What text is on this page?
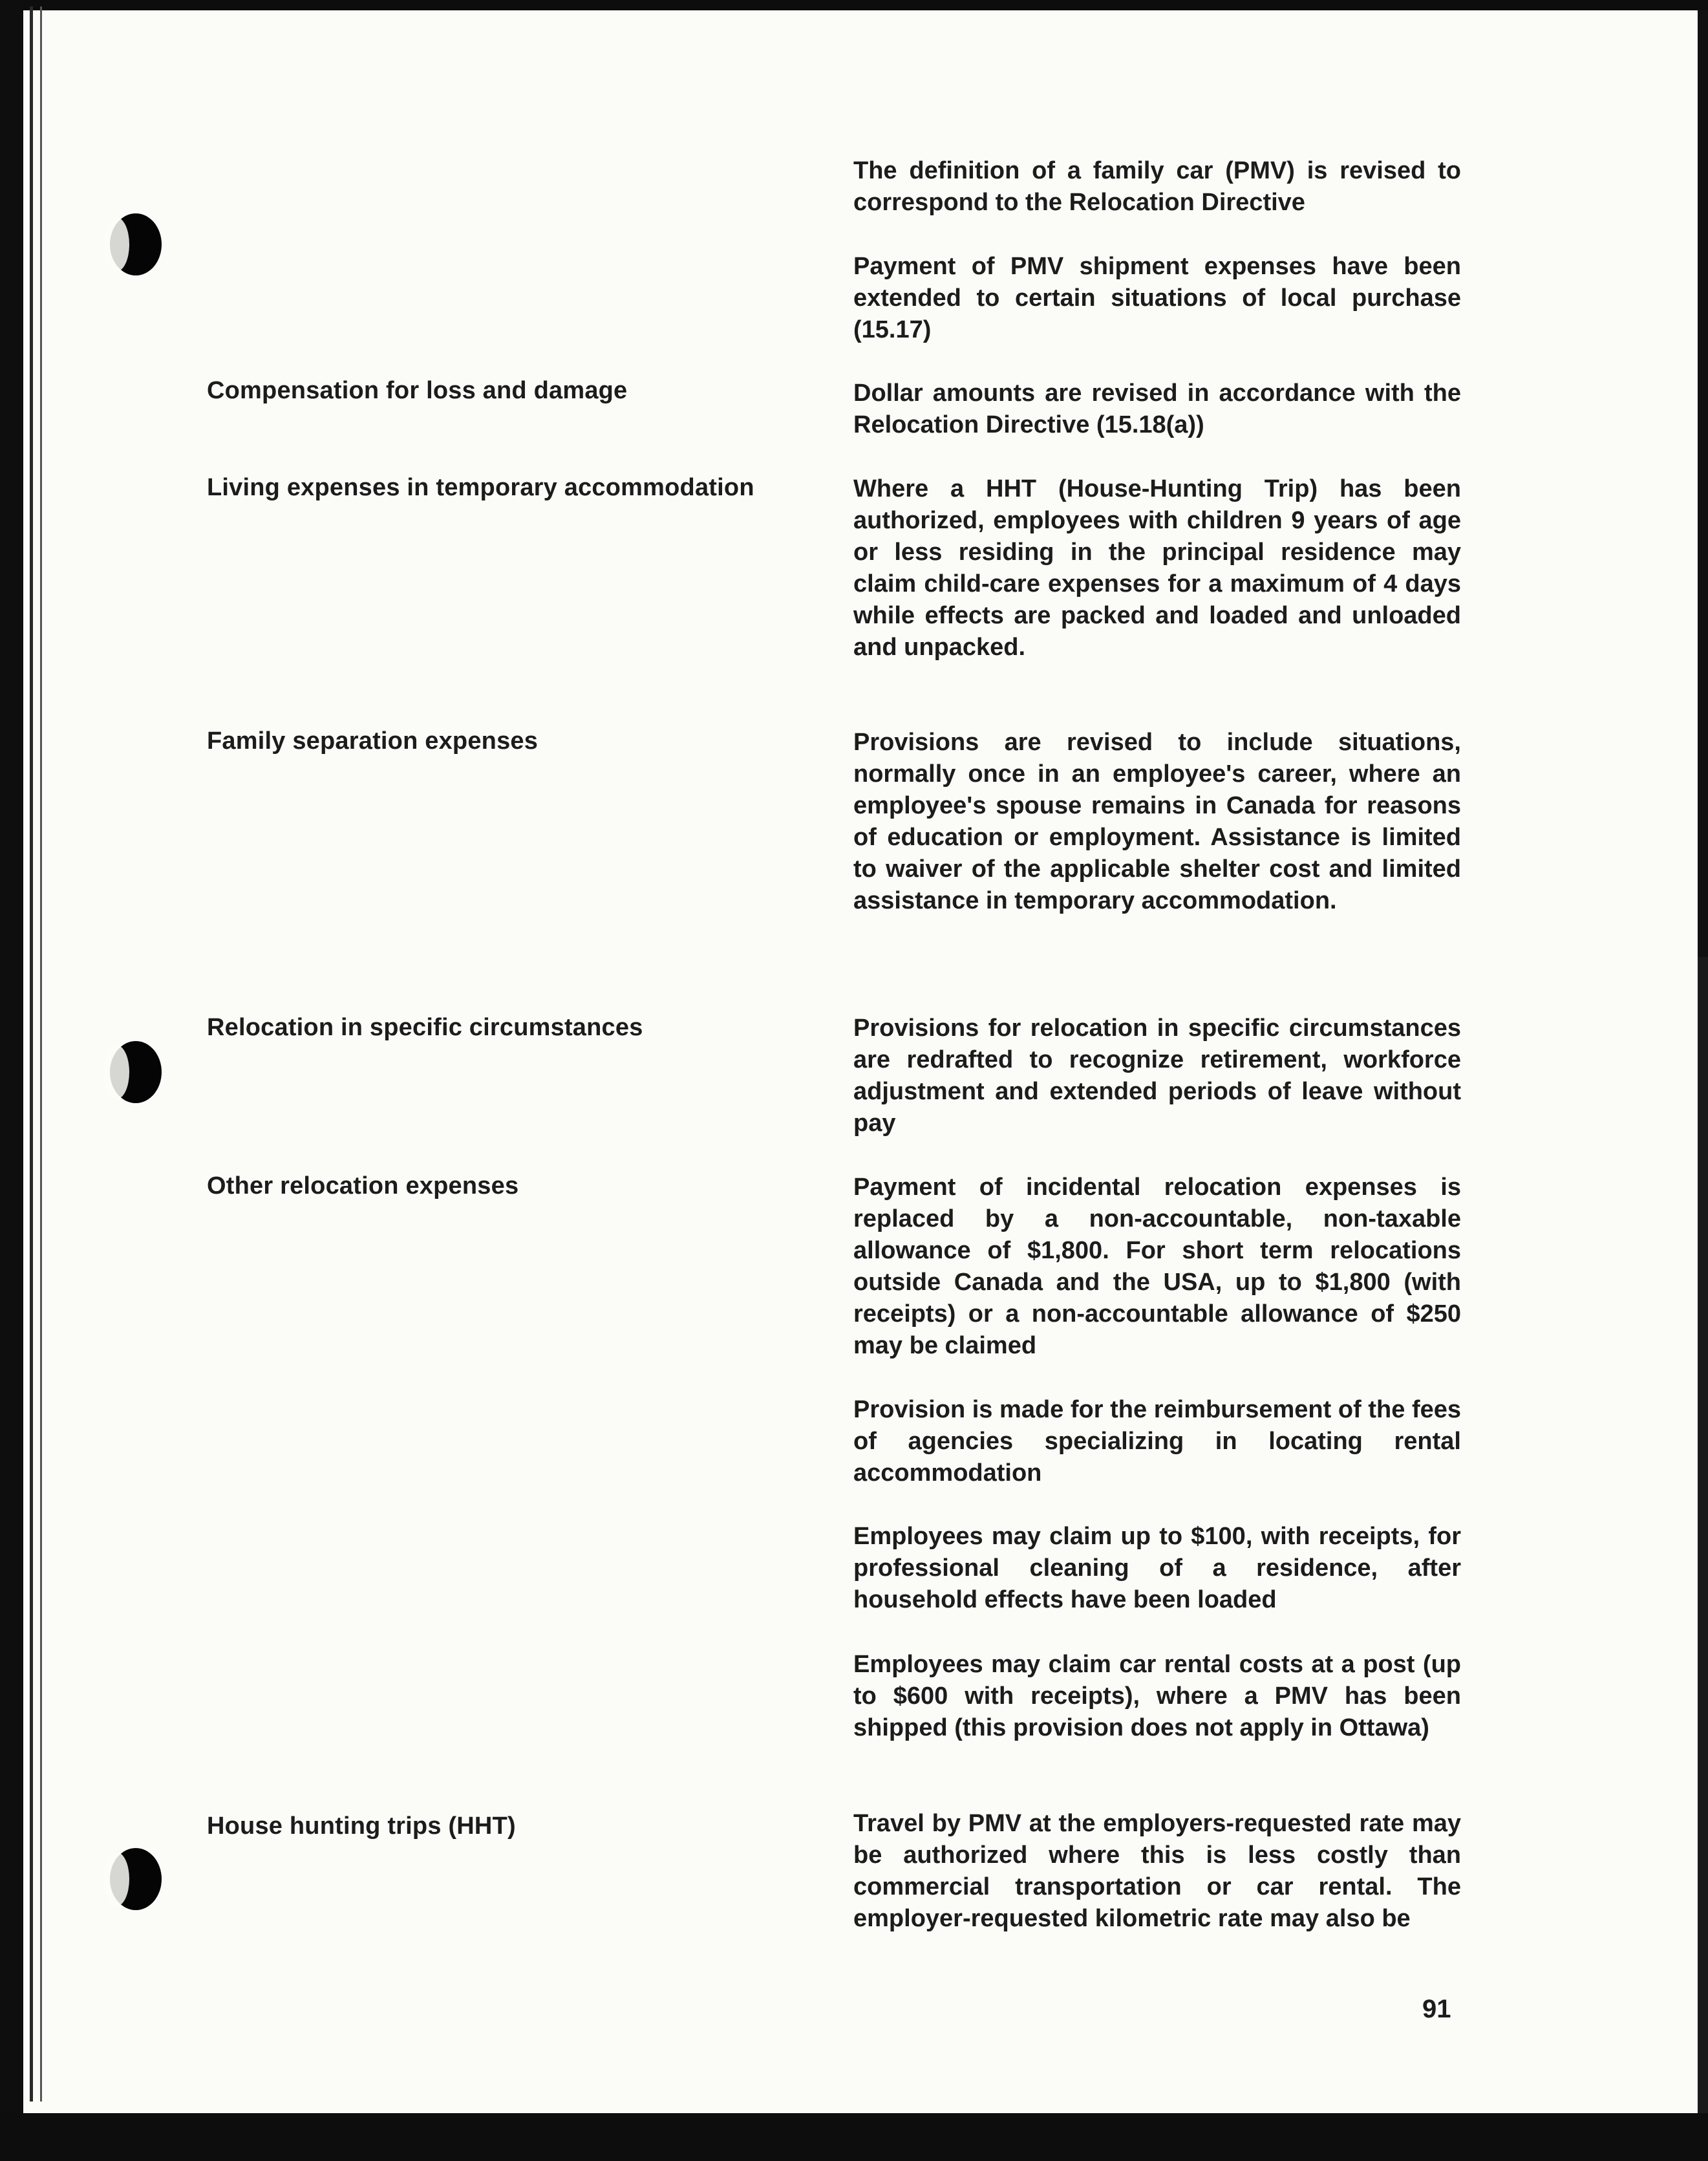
The definition of a family car (PMV) is revised to correspond to the Relocation Directive
Payment of PMV shipment expenses have been extended to certain situations of local purchase (15.17)
Compensation for loss and damage	Dollar amounts are revised in accordance with the Relocation Directive (15.18(a))
Living expenses in temporary accommodation	Where a HHT (House-Hunting Trip) has been authorized, employees with children 9 years of age or less residing in the principal residence may claim child-care expenses for a maximum of 4 days while effects are packed and loaded and unloaded and unpacked.
Family separation expenses	Provisions are revised to include situations, normally once in an employee's career, where an employee's spouse remains in Canada for reasons of education or employment. Assistance is limited to waiver of the applicable shelter cost and limited assistance in temporary accommodation.
Relocation in specific circumstances	Provisions for relocation in specific circumstances are redrafted to recognize retirement, workforce adjustment and extended periods of leave without pay
Other relocation expenses	Payment of incidental relocation expenses is replaced by a non-accountable, non-taxable allowance of $1,800. For short term relocations outside Canada and the USA, up to $1,800 (with receipts) or a non-accountable allowance of $250 may be claimed
Provision is made for the reimbursement of the fees of agencies specializing in locating rental accommodation
Employees may claim up to $100, with receipts, for professional cleaning of a residence, after household effects have been loaded
Employees may claim car rental costs at a post (up to $600 with receipts), where a PMV has been shipped (this provision does not apply in Ottawa)
House hunting trips (HHT)	Travel by PMV at the employers-requested rate may be authorized where this is less costly than commercial transportation or car rental. The employer-requested kilometric rate may also be
91
